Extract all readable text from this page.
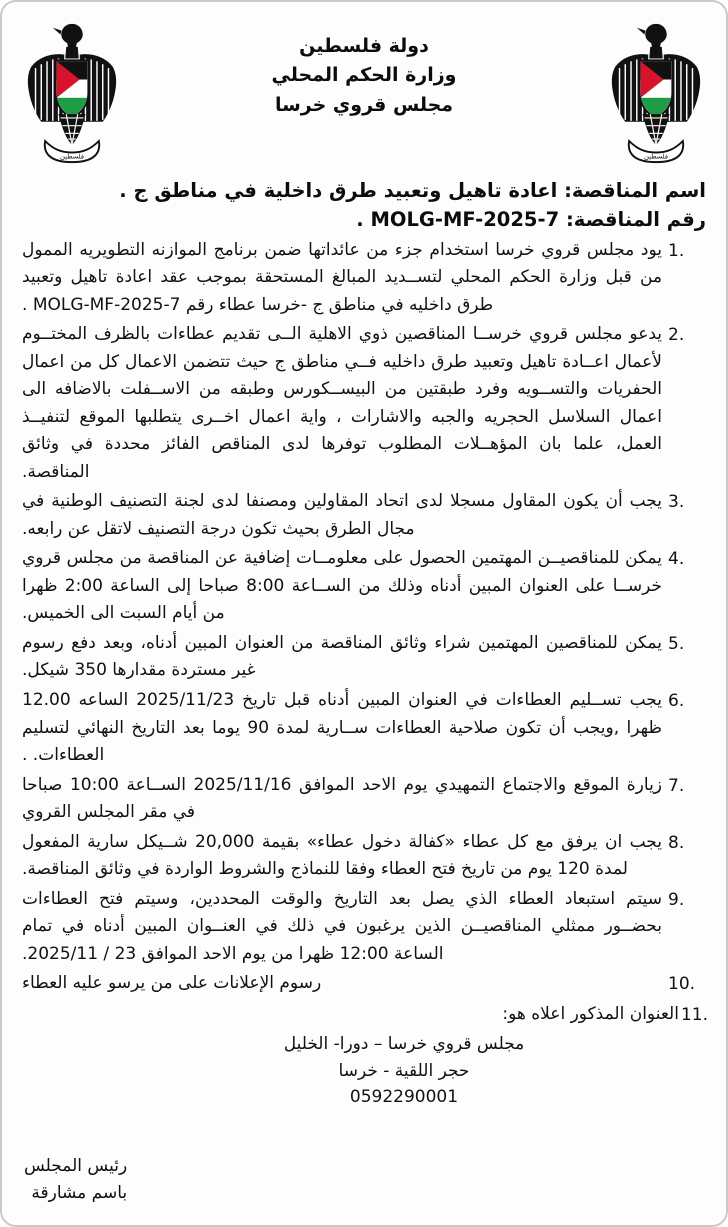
فلسطين
دولة فلسطين
وزارة الحكم المحلي
مجلس قروي خرسا
فلسطين
اسم المناقصة: اعادة تاهيل وتعبيد طرق داخلية في مناطق ج .
رقم المناقصة: MOLG-MF-2025-7 .
1.
يود مجلس قروي خرسا استخدام جزء من عائداتها ضمن برنامج الموازنه التطويريه الممول من قبل وزارة الحكم المحلي لتســديد المبالغ المستحقة بموجب عقد اعادة تاهيل وتعبيد طرق داخليه في مناطق ج -خرسا عطاء رقم MOLG-MF-2025-7 .
2.
يدعو مجلس قروي خرســا المناقصين ذوي الاهلية الــى تقديم عطاءات بالظرف المختــوم لأعمال اعــادة تاهيل وتعبيد طرق داخليه فــي مناطق ج حيث تتضمن الاعمال كل من اعمال الحفريات والتســويه وفرد طبقتين من البيســكورس وطبقه من الاســفلت بالاضافه الى اعمال السلاسل الحجريه والجبه والاشارات ، واية اعمال اخــرى يتطلبها الموقع لتنفيــذ العمل، علما بان المؤهــلات المطلوب توفرها لدى المناقص الفائز محددة في وثائق المناقصة.
3.
يجب أن يكون المقاول مسجلا لدى اتحاد المقاولين ومصنفا لدى لجنة التصنيف الوطنية في مجال الطرق بحيث تكون درجة التصنيف لاتقل عن رابعه.
4.
يمكن للمناقصيــن المهتمين الحصول على معلومــات إضافية عن المناقصة من مجلس قروي خرســا على العنوان المبين أدناه وذلك من الســاعة 8:00 صباحا إلى الساعة 2:00 ظهرا من أيام السبت الى الخميس.
5.
يمكن للمناقصين المهتمين شراء وثائق المناقصة من العنوان المبين أدناه، وبعد دفع رسوم غير مستردة مقدارها 350 شيكل.
6.
يجب تســليم العطاءات في العنوان المبين أدناه قبل تاريخ 2025/11/23 الساعه 12.00 ظهرا ,ويجب أن تكون صلاحية العطاءات ســارية لمدة 90 يوما بعد التاريخ النهائي لتسليم العطاءات. .
7.
زيارة الموقع والاجتماع التمهيدي يوم الاحد الموافق 2025/11/16 الســاعة 10:00 صباحا في مقر المجلس القروي
8.
يجب ان يرفق مع كل عطاء «كفالة دخول عطاء» بقيمة 20,000 شــيكل سارية المفعول لمدة 120 يوم من تاريخ فتح العطاء وفقا للنماذج والشروط الواردة في وثائق المناقصة.
9.
سيتم استبعاد العطاء الذي يصل بعد التاريخ والوقت المحددين، وسيتم فتح العطاءات بحضــور ممثلي المناقصيــن الذين يرغبون في ذلك في العنــوان المبين أدناه في تمام الساعة 12:00 ظهرا من يوم الاحد الموافق 23 / 2025/11.
10.
رسوم الإعلانات على من يرسو عليه العطاء
11.
العنوان المذكور اعلاه هو:
مجلس قروي خرسا – دورا- الخليل
حجر اللقية - خرسا
0592290001
رئيس المجلس
باسم مشارقة
